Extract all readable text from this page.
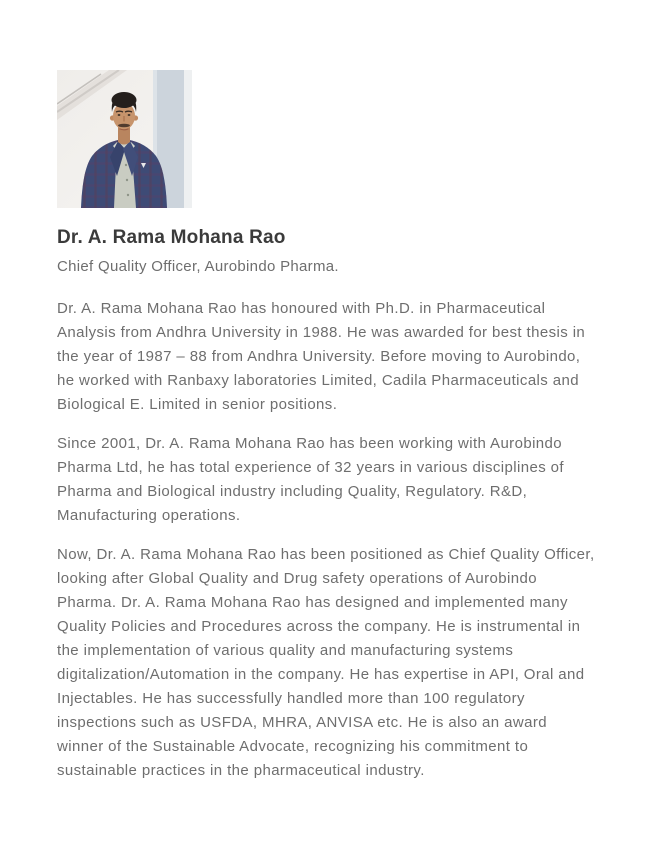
Dr. A. Rama Mohana Rao

Chief Quality Officer, Aurobindo Pharma.

Dr. A. Rama Mohana Rao has honoured with Ph.D. in Pharmaceutical Analysis from Andhra University in 1988. He was awarded for best thesis in the year of 1987 – 88 from Andhra University. Before moving to Aurobindo, he worked with Ranbaxy laboratories Limited, Cadila Pharmaceuticals and Biological E. Limited in senior positions.

Since 2001, Dr. A. Rama Mohana Rao has been working with Aurobindo Pharma Ltd, he has total experience of 32 years in various disciplines of Pharma and Biological industry including Quality, Regulatory. R&D, Manufacturing operations.

Now, Dr. A. Rama Mohana Rao has been positioned as Chief Quality Officer, looking after Global Quality and Drug safety operations of Aurobindo Pharma. Dr. A. Rama Mohana Rao has designed and implemented many Quality Policies and Procedures across the company. He is instrumental in the implementation of various quality and manufacturing systems digitalization/Automation in the company. He has expertise in API, Oral and Injectables. He has successfully handled more than 100 regulatory inspections such as USFDA, MHRA, ANVISA etc. He is also an award winner of the Sustainable Advocate, recognizing his commitment to sustainable practices in the pharmaceutical industry.
